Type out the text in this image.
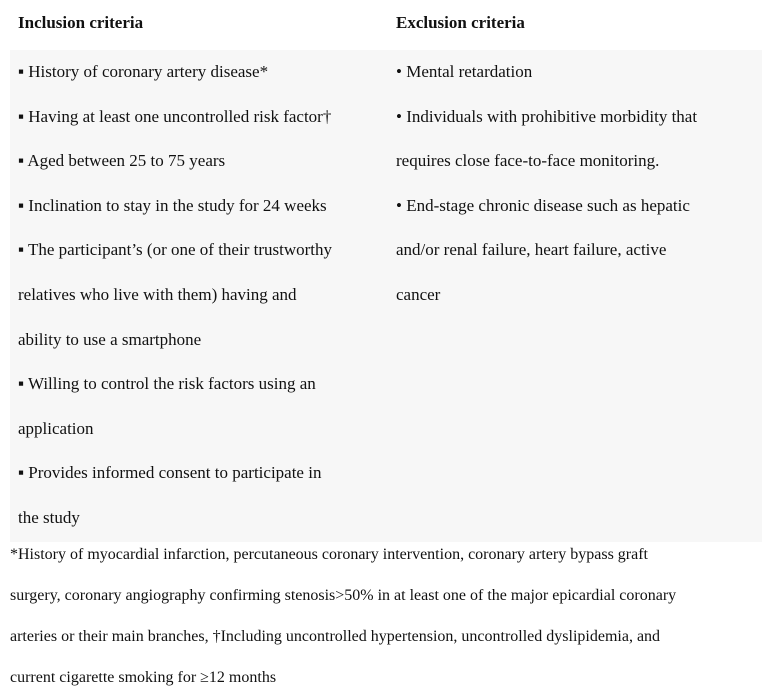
Inclusion criteria	Exclusion criteria
▪ History of coronary artery disease*
▪ Having at least one uncontrolled risk factor†
▪ Aged between 25 to 75 years
▪ Inclination to stay in the study for 24 weeks
▪ The participant’s (or one of their trustworthy
relatives who live with them) having and
ability to use a smartphone
▪ Willing to control the risk factors using an
application
▪ Provides informed consent to participate in
the study
• Mental retardation
• Individuals with prohibitive morbidity that
requires close face-to-face monitoring.
• End-stage chronic disease such as hepatic
and/or renal failure, heart failure, active
cancer
*History of myocardial infarction, percutaneous coronary intervention, coronary artery bypass graft
surgery, coronary angiography confirming stenosis>50% in at least one of the major epicardial coronary
arteries or their main branches, †Including uncontrolled hypertension, uncontrolled dyslipidemia, and
current cigarette smoking for ≥12 months
